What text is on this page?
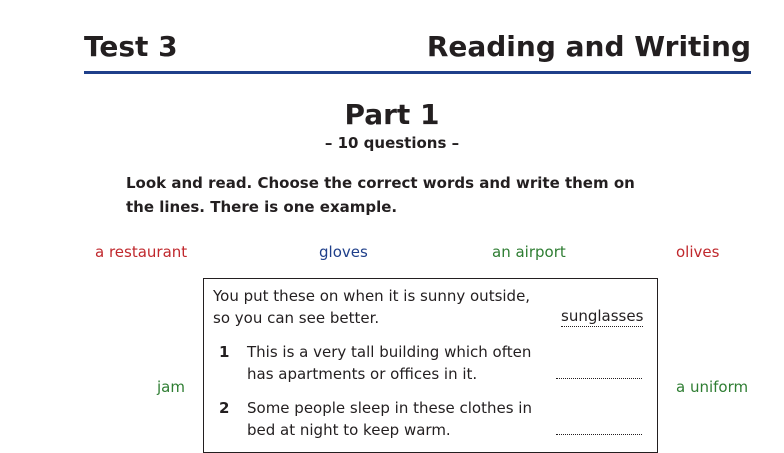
Test 3	Reading and Writing
Part 1
– 10 questions –
Look and read. Choose the correct words and write them on
the lines. There is one example.
a restaurant	gloves	an airport	olives
jam	a uniform
You put these on when it is sunny outside,
so you can see better.	sunglasses
1 This is a very tall building which often
has apartments or offices in it.
2 Some people sleep in these clothes in
bed at night to keep warm.
